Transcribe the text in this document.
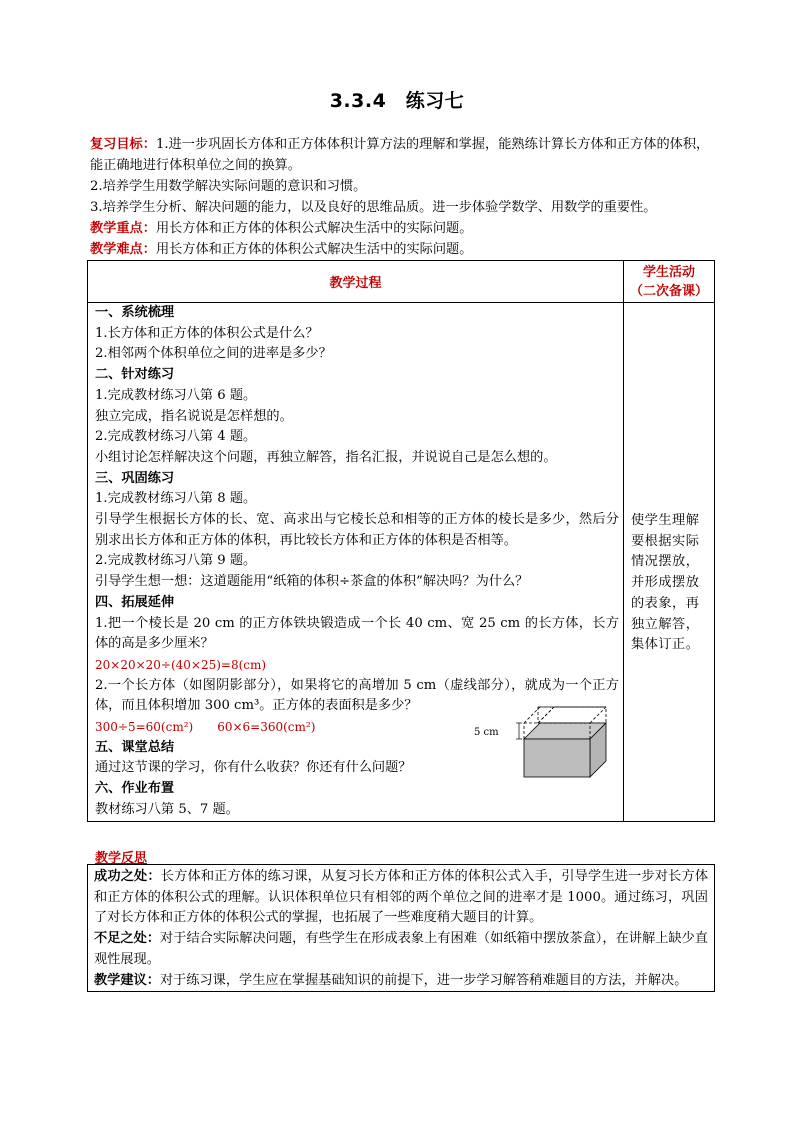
3.3.4　练习七

复习目标：1.进一步巩固长方体和正方体体积计算方法的理解和掌握，能熟练计算长方体和正方体的体积，能正确地进行体积单位之间的换算。

2.培养学生用数学解决实际问题的意识和习惯。

3.培养学生分析、解决问题的能力，以及良好的思维品质。进一步体验学数学、用数学的重要性。

教学重点：用长方体和正方体的体积公式解决生活中的实际问题。

教学难点：用长方体和正方体的体积公式解决生活中的实际问题。

教学过程
学生活动
（二次备课）
一、系统梳理
1.长方体和正方体的体积公式是什么？
2.相邻两个体积单位之间的进率是多少？
二、针对练习
1.完成教材练习八第 6 题。
独立完成，指名说说是怎样想的。
2.完成教材练习八第 4 题。
小组讨论怎样解决这个问题，再独立解答，指名汇报，并说说自己是怎么想的。
三、巩固练习
1.完成教材练习八第 8 题。
引导学生根据长方体的长、宽、高求出与它棱长总和相等的正方体的棱长是多少，然后分别求出长方体和正方体的体积，再比较长方体和正方体的体积是否相等。
2.完成教材练习八第 9 题。
引导学生想一想：这道题能用“纸箱的体积÷茶盒的体积”解决吗？为什么？
四、拓展延伸
1.把一个棱长是 20 cm 的正方体铁块锻造成一个长 40 cm、宽 25 cm 的长方体，长方体的高是多少厘米？
20×20×20÷(40×25)=8(cm)
2.一个长方体（如图阴影部分），如果将它的高增加 5 cm（虚线部分），就成为一个正方体，而且体积增加 300 cm³。正方体的表面积是多少？
300÷5=60(cm²)　　60×6=360(cm²)
五、课堂总结
通过这节课的学习，你有什么收获？你还有什么问题？
六、作业布置
教材练习八第 5、7 题。
使学生理解要根据实际情况摆放，并形成摆放的表象，再独立解答，集体订正。
5 cm
教学反思

成功之处：长方体和正方体的练习课，从复习长方体和正方体的体积公式入手，引导学生进一步对长方体和正方体的体积公式的理解。认识体积单位只有相邻的两个单位之间的进率才是 1000。通过练习，巩固了对长方体和正方体的体积公式的掌握，也拓展了一些难度稍大题目的计算。

不足之处：对于结合实际解决问题，有些学生在形成表象上有困难（如纸箱中摆放茶盒），在讲解上缺少直观性展现。

教学建议：对于练习课，学生应在掌握基础知识的前提下，进一步学习解答稍难题目的方法，并解决。
